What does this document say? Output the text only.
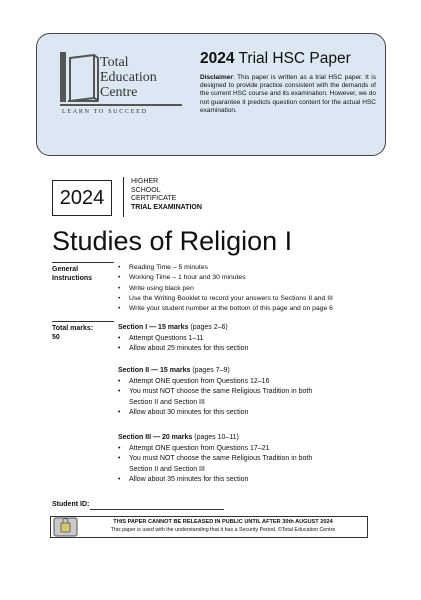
Total
Education
Centre
LEARN TO SUCCEED
2024 Trial HSC Paper
Disclaimer: This paper is written as a trial HSC paper. It is designed to provide practice consistent with the demands of the current HSC course and its examination. However, we do not guarantee it predicts question content for the actual HSC examination.
2024
HIGHER
SCHOOL
CERTIFICATE
TRIAL EXAMINATION
Studies of Religion I
General
Instructions
• Reading Time – 5 minutes
• Working Time – 1 hour and 30 minutes
• Write using black pen
• Use the Writing Booklet to record your answers to Sections II and III
• Write your student number at the bottom of this page and on page 6
Total marks:
50
Section I — 15 marks (pages 2–6)
• Attempt Questions 1–11
• Allow about 25 minutes for this section
Section II — 15 marks (pages 7–9)
• Attempt ONE question from Questions 12–16
• You must NOT choose the same Religious Tradition in both
Section II and Section III
• Allow about 30 minutes for this section
Section III — 20 marks (pages 10–11)
• Attempt ONE question from Questions 17–21
• You must NOT choose the same Religious Tradition in both
Section II and Section III
• Allow about 35 minutes for this section
Student ID:
THIS PAPER CANNOT BE RELEASED IN PUBLIC UNTIL AFTER 30th AUGUST 2024
This paper is used with the understanding that it has a Security Period. ©Total Education Centre
